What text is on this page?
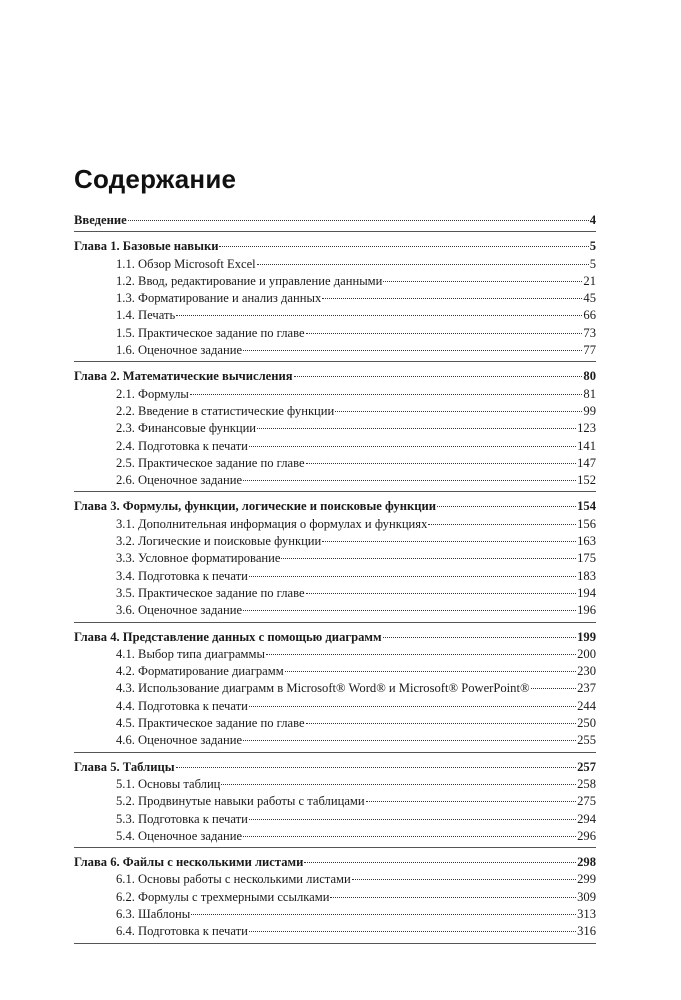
Содержание
Введение	4
Глава 1. Базовые навыки	5
1.1. Обзор Microsoft Excel	5
1.2. Ввод, редактирование и управление данными	21
1.3. Форматирование и анализ данных	45
1.4. Печать	66
1.5. Практическое задание по главе	73
1.6. Оценочное задание	77
Глава 2. Математические вычисления	80
2.1. Формулы	81
2.2. Введение в статистические функции	99
2.3. Финансовые функции	123
2.4. Подготовка к печати	141
2.5. Практическое задание по главе	147
2.6. Оценочное задание	152
Глава 3. Формулы, функции, логические и поисковые функции	154
3.1. Дополнительная информация о формулах и функциях	156
3.2. Логические и поисковые функции	163
3.3. Условное форматирование	175
3.4. Подготовка к печати	183
3.5. Практическое задание по главе	194
3.6. Оценочное задание	196
Глава 4. Представление данных с помощью диаграмм	199
4.1. Выбор типа диаграммы	200
4.2. Форматирование диаграмм	230
4.3. Использование диаграмм в Microsoft® Word® и Microsoft® PowerPoint®	237
4.4. Подготовка к печати	244
4.5. Практическое задание по главе	250
4.6. Оценочное задание	255
Глава 5. Таблицы	257
5.1. Основы таблиц	258
5.2. Продвинутые навыки работы с таблицами	275
5.3. Подготовка к печати	294
5.4. Оценочное задание	296
Глава 6. Файлы с несколькими листами	298
6.1. Основы работы с несколькими листами	299
6.2. Формулы с трехмерными ссылками	309
6.3. Шаблоны	313
6.4. Подготовка к печати	316
